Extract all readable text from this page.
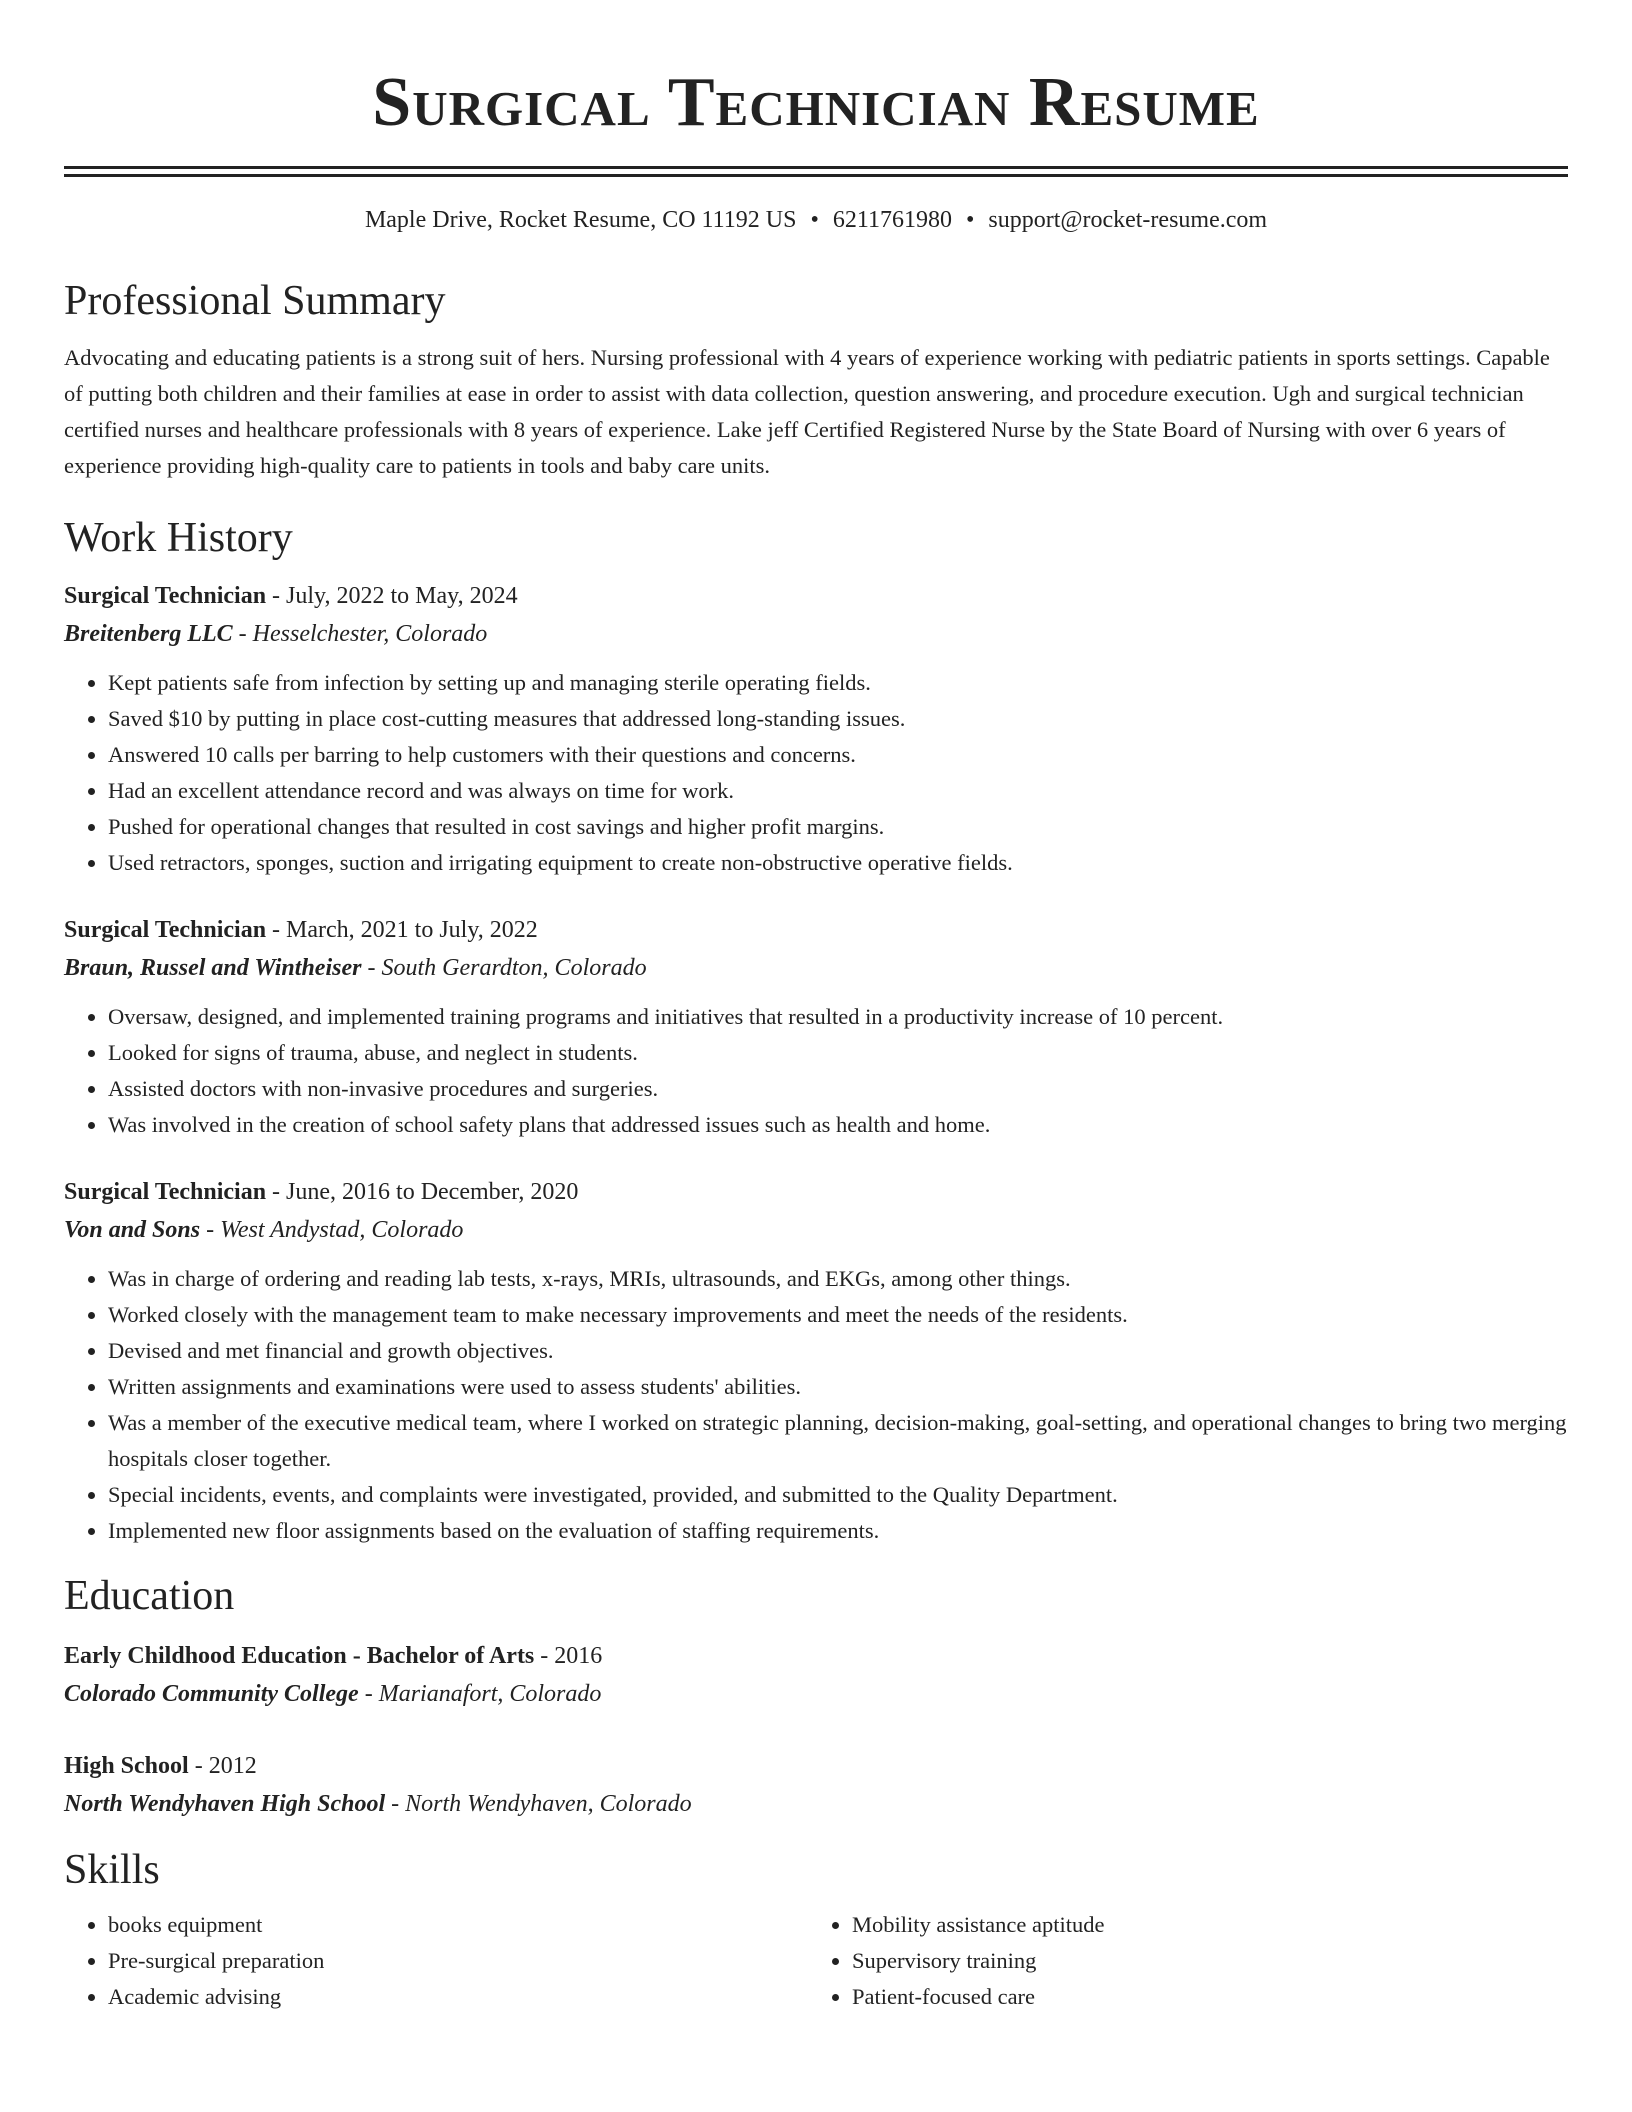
Surgical Technician Resume
Maple Drive, Rocket Resume, CO 11192 US • 6211761980 • support@rocket-resume.com
Professional Summary
Advocating and educating patients is a strong suit of hers. Nursing professional with 4 years of experience working with pediatric patients in sports settings. Capable of putting both children and their families at ease in order to assist with data collection, question answering, and procedure execution. Ugh and surgical technician certified nurses and healthcare professionals with 8 years of experience. Lake jeff Certified Registered Nurse by the State Board of Nursing with over 6 years of experience providing high-quality care to patients in tools and baby care units.
Work History
Surgical Technician - July, 2022 to May, 2024
Breitenberg LLC - Hesselchester, Colorado
• Kept patients safe from infection by setting up and managing sterile operating fields.
• Saved $10 by putting in place cost-cutting measures that addressed long-standing issues.
• Answered 10 calls per barring to help customers with their questions and concerns.
• Had an excellent attendance record and was always on time for work.
• Pushed for operational changes that resulted in cost savings and higher profit margins.
• Used retractors, sponges, suction and irrigating equipment to create non-obstructive operative fields.
Surgical Technician - March, 2021 to July, 2022
Braun, Russel and Wintheiser - South Gerardton, Colorado
• Oversaw, designed, and implemented training programs and initiatives that resulted in a productivity increase of 10 percent.
• Looked for signs of trauma, abuse, and neglect in students.
• Assisted doctors with non-invasive procedures and surgeries.
• Was involved in the creation of school safety plans that addressed issues such as health and home.
Surgical Technician - June, 2016 to December, 2020
Von and Sons - West Andystad, Colorado
• Was in charge of ordering and reading lab tests, x-rays, MRIs, ultrasounds, and EKGs, among other things.
• Worked closely with the management team to make necessary improvements and meet the needs of the residents.
• Devised and met financial and growth objectives.
• Written assignments and examinations were used to assess students' abilities.
• Was a member of the executive medical team, where I worked on strategic planning, decision-making, goal-setting, and operational changes to bring two merging hospitals closer together.
• Special incidents, events, and complaints were investigated, provided, and submitted to the Quality Department.
• Implemented new floor assignments based on the evaluation of staffing requirements.
Education
Early Childhood Education - Bachelor of Arts - 2016
Colorado Community College - Marianafort, Colorado
High School - 2012
North Wendyhaven High School - North Wendyhaven, Colorado
Skills
• books equipment
• Pre-surgical preparation
• Academic advising
• Mobility assistance aptitude
• Supervisory training
• Patient-focused care
